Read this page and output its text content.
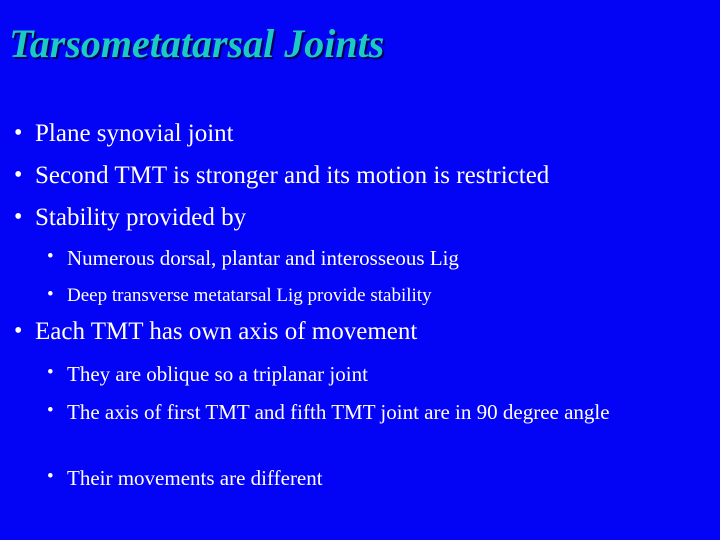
Tarsometatarsal Joints
• Plane synovial joint
• Second TMT is stronger and its motion is restricted
• Stability provided by
• Numerous dorsal, plantar and interosseous Lig
• Deep transverse metatarsal Lig provide stability
• Each TMT has own axis of movement
• They are oblique so a triplanar joint
• The axis of first TMT and fifth TMT joint are in 90 degree angle
• Their movements are different
